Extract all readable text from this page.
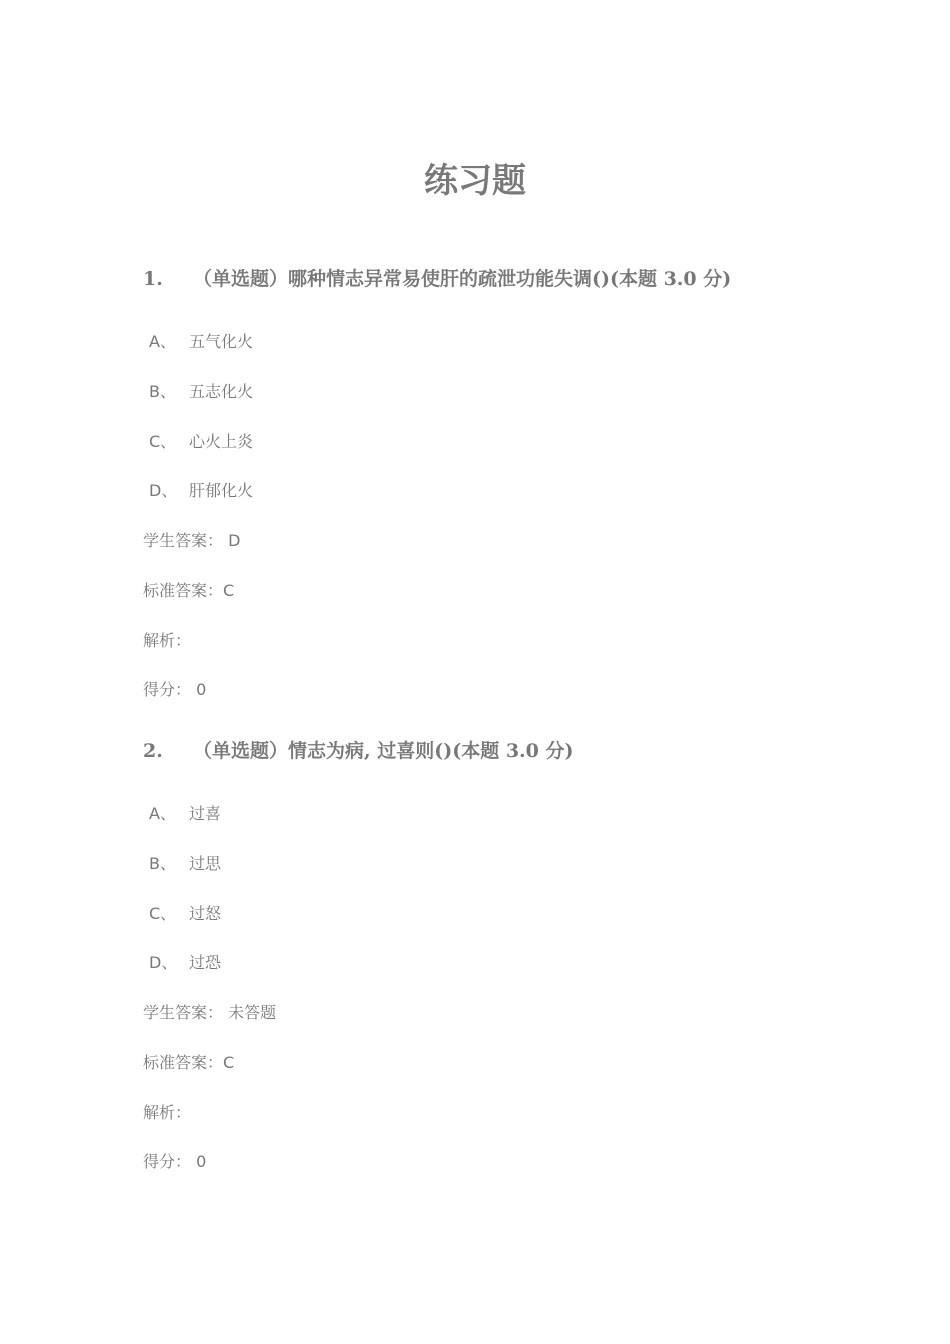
练习题
1. （单选题）哪种情志异常易使肝的疏泄功能失调()(本题 3.0 分)
A、 五气化火
B、 五志化火
C、 心火上炎
D、 肝郁化火
学生答案： D
标准答案：C
解析：
得分： 0
2. （单选题）情志为病, 过喜则()(本题 3.0 分)
A、 过喜
B、 过思
C、 过怒
D、 过恐
学生答案： 未答题
标准答案：C
解析：
得分： 0
